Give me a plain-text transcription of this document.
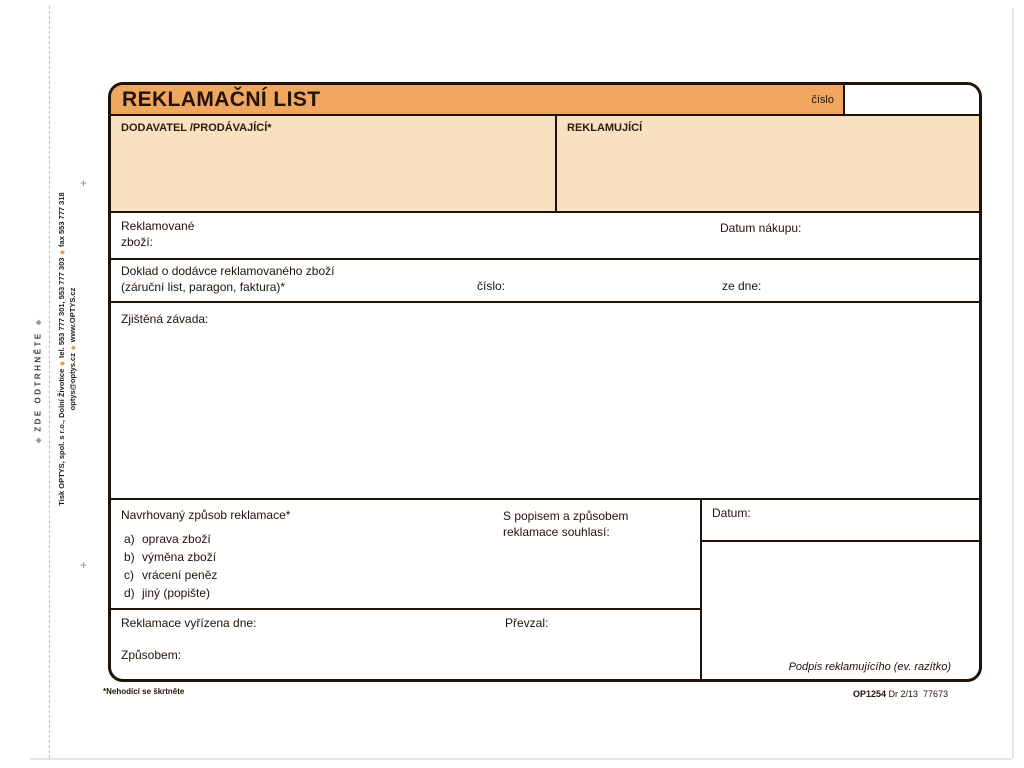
◆ZDE ODTRHNĚTE◆
Tisk OPTYS, spol. s r.o., Dolní Životice◆tel. 553 777 301, 553 777 303◆fax 553 777 318
optys@optys.cz◆www.OPTYS.cz
+
$_+$
REKLAMAČNÍ LIST	číslo
DODAVATEL /PRODÁVAJÍCÍ*	REKLAMUJÍCÍ
Reklamované
zboží:
Datum nákupu:
Doklad o dodávce reklamovaného zboží
(záruční list, paragon, faktura)*	číslo:	ze dne:
Zjištěná závada:
Navrhovaný způsob reklamace*
a) oprava zboží
b) výměna zboží
c) vrácení peněz
d) jiný (popište)
S popisem a způsobem
reklamace souhlasí:
Datum:
Reklamace vyřízena dne:	Převzal:
Způsobem:
Podpis reklamujícího (ev. razítko)
*Nehodící se škrtněte	OP1254 Dr 2/13  77673
